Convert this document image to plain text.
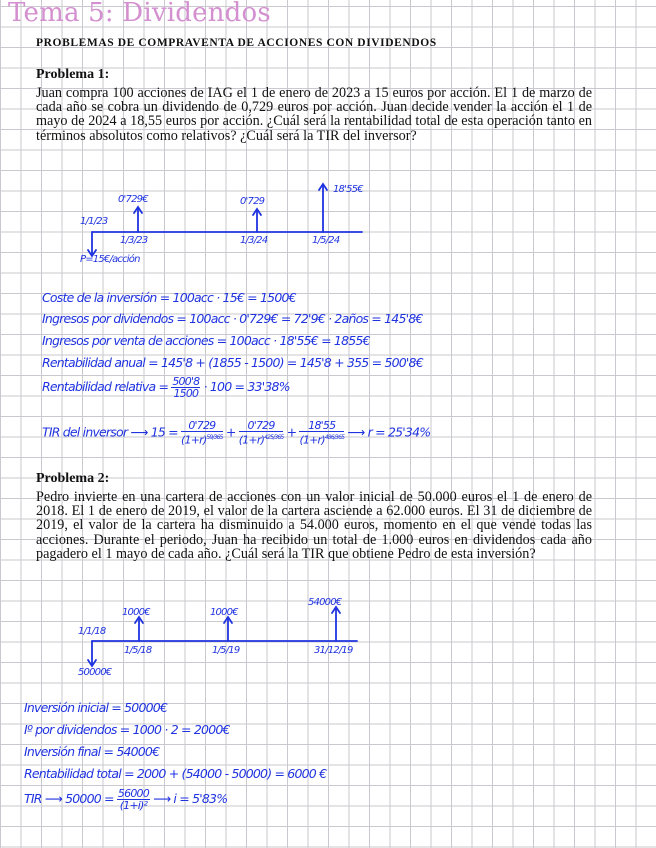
Tema 5: Dividendos

PROBLEMAS DE COMPRAVENTA DE ACCIONES CON DIVIDENDOS

Problema 1:

Juan compra 100 acciones de IAG el 1 de enero de 2023 a 15 euros por acción. El 1 de marzo de cada año se cobra un dividendo de 0,729 euros por acción. Juan decide vender la acción el 1 de mayo de 2024 a 18,55 euros por acción. ¿Cuál será la rentabilidad total de esta operación tanto en términos absolutos como relativos? ¿Cuál será la TIR del inversor?

0'729€	0'729
18'55€
1/1/23
1/3/23	1/3/24	1/5/24
P=15€/acción

Coste de la inversión = 100acc · 15€ = 1500€

Ingresos por dividendos = 100acc · 0'729€ = 72'9€ · 2años = 145'8€

Ingresos por venta de acciones = 100acc · 18'55€ = 1855€

Rentabilidad anual = 145'8 + (1855 - 1500) = 145'8 + 355 = 500'8€

Rentabilidad relativa = $\frac{500'8}{1500} \cdot 100 = 33'38\%$
TIR del inversor ⟶ $15 = \frac{0'729}{(1+r)^{59/365}} + \frac{0'729}{(1+r)^{425/365}} + \frac{18'55}{(1+r)^{486/365}}$ ⟶ r = 25'34%

Problema 2:

Pedro invierte en una cartera de acciones con un valor inicial de 50.000 euros el 1 de enero de 2018. El 1 de enero de 2019, el valor de la cartera asciende a 62.000 euros. El 31 de diciembre de 2019, el valor de la cartera ha disminuido a 54.000 euros, momento en el que vende todas las acciones. Durante el periodo, Juan ha recibido un total de 1.000 euros en dividendos cada año pagadero el 1 mayo de cada año. ¿Cuál será la TIR que obtiene Pedro de esta inversión?

1000€	1000€
54000€
1/1/18
1/5/18	1/5/19	31/12/19
50000€

Inversión inicial = 50000€

Iº por dividendos = 1000 · 2 = 2000€

Inversión final = 54000€

Rentabilidad total = 2000 + (54000 - 50000) = 6000 €

TIR ⟶ $50000 = \frac{56000}{\text{(1+i)²}}$ ⟶ i = 5'83%
